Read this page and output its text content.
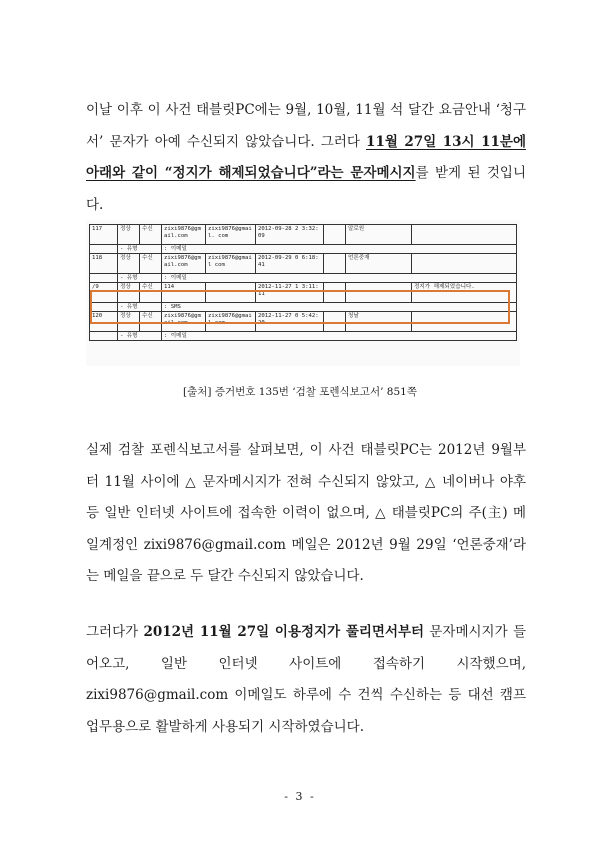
이날 이후 이 사건 태블릿PC에는 9월, 10월, 11월 석 달간 요금안내 ‘청구서’ 문자가 아예 수신되지 않았습니다. 그러다 11월 27일 13시 11분에 아래와 같이 “정지가 해제되었습니다”라는 문자메시지를 받게 된 것입니다.

117	정상	수신	zixi9876@gm ail.com	zixi9876@gmail. com	2012-09-28 2 3:32:09		알로원	
	- 유형		: 이메일					
118	정상	수신	zixi9876@gm ail.com	zixi9876@gmail com	2012-09-29 0 6:18:41		언론중재	
	- 유형		: 이메일					
/9	정상	수신	114		2012-11-27 1 3:11:11			정지가 해제되었습니다.
	- 유형		: SMS					
120	정상	수신	zixi9876@gm ail.com	zixi9876@gmail com	2012-11-27 0 5:42:20		청날	
	- 유형		: 이메일					

[출처] 증거번호 135번 ‘검찰 포렌식보고서’ 851쪽

실제 검찰 포렌식보고서를 살펴보면, 이 사건 태블릿PC는 2012년 9월부터 11월 사이에 △ 문자메시지가 전혀 수신되지 않았고, △ 네이버나 야후 등 일반 인터넷 사이트에 접속한 이력이 없으며, △ 태블릿PC의 주(主) 메일계정인 zixi9876@gmail.com 메일은 2012년 9월 29일 ‘언론중재’라는 메일을 끝으로 두 달간 수신되지 않았습니다.

그러다가 2012년 11월 27일 이용정지가 풀리면서부터 문자메시지가 들어오고, 일반 인터넷 사이트에 접속하기 시작했으며, zixi9876@gmail.com 이메일도 하루에 수 건씩 수신하는 등 대선 캠프 업무용으로 활발하게 사용되기 시작하였습니다.

- 3 -
